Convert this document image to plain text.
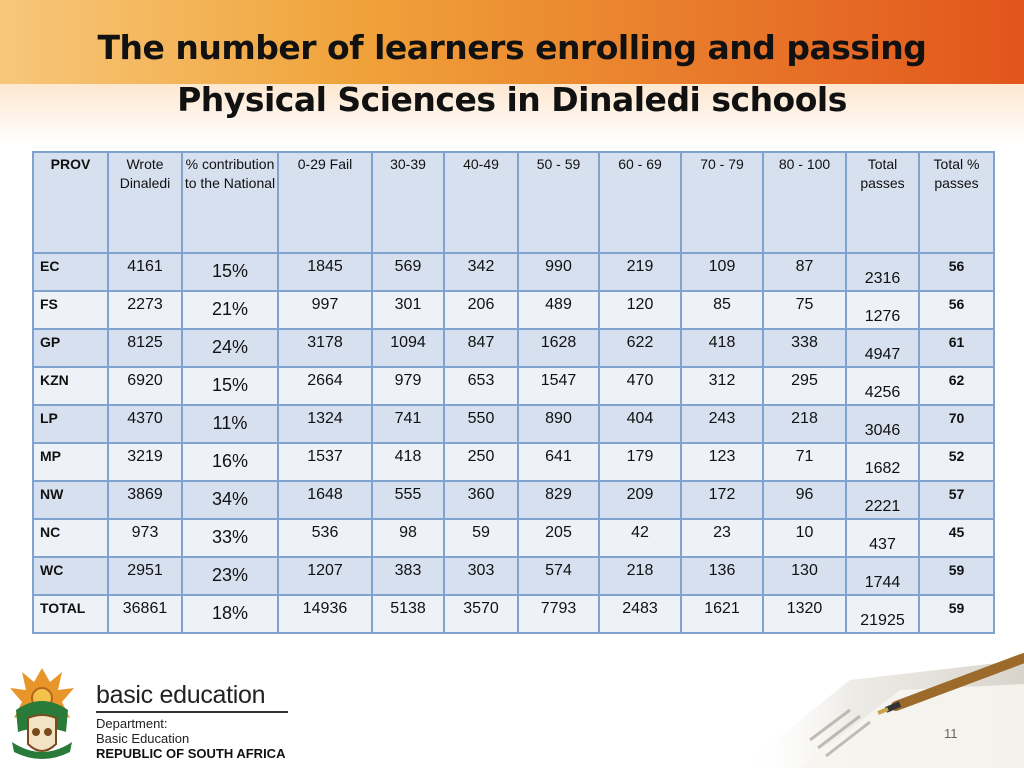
The number of learners enrolling and passing
Physical Sciences in Dinaledi schools
PROV	Wrote Dinaledi	% contribution to the National	0-29 Fail	30-39	40-49	50 - 59	60 - 69	70 - 79	80 - 100	Total passes	Total % passes
EC	4161	15%	1845	569	342	990	219	109	87	2316	56
FS	2273	21%	997	301	206	489	120	85	75	1276	56
GP	8125	24%	3178	1094	847	1628	622	418	338	4947	61
KZN	6920	15%	2664	979	653	1547	470	312	295	4256	62
LP	4370	11%	1324	741	550	890	404	243	218	3046	70
MP	3219	16%	1537	418	250	641	179	123	71	1682	52
NW	3869	34%	1648	555	360	829	209	172	96	2221	57
NC	973	33%	536	98	59	205	42	23	10	437	45
WC	2951	23%	1207	383	303	574	218	136	130	1744	59
TOTAL	36861	18%	14936	5138	3570	7793	2483	1621	1320	21925	59
basic education
Department:
Basic Education
REPUBLIC OF SOUTH AFRICA
11
